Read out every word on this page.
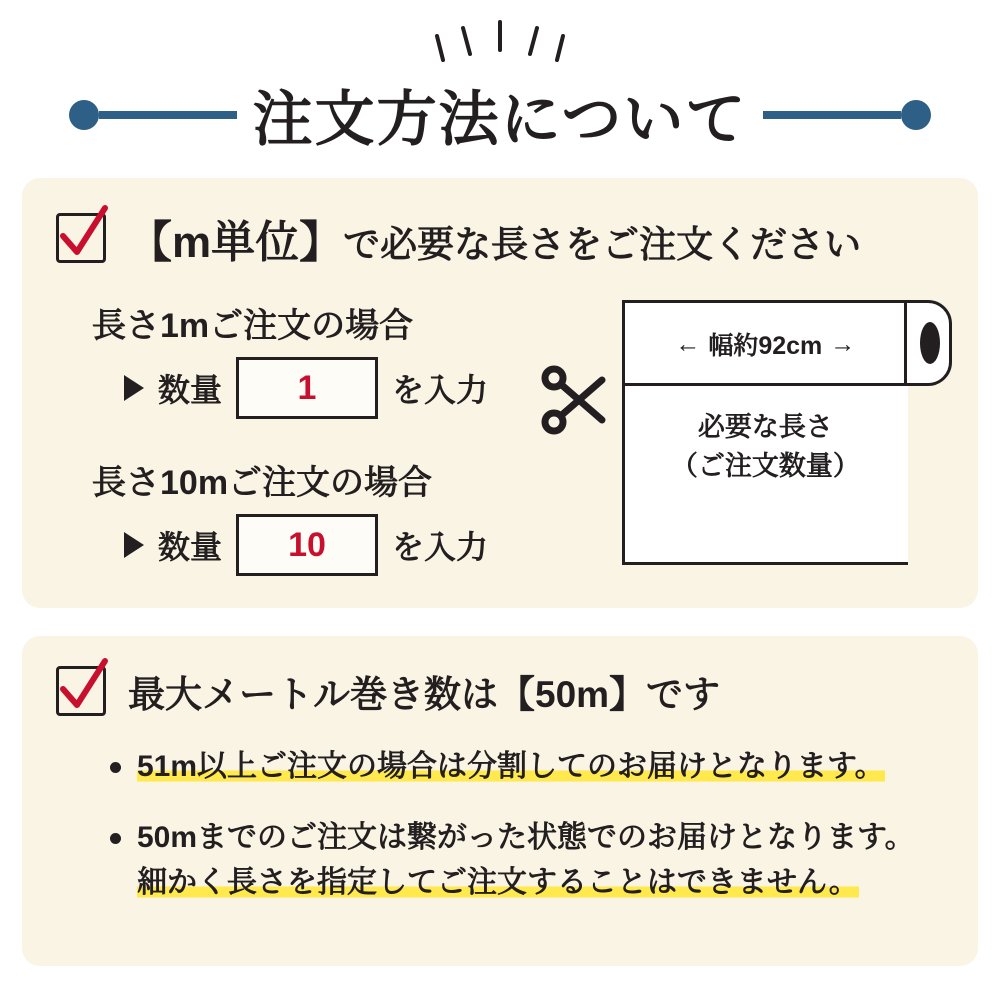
注文方法について
【m単位】で必要な長さをご注文ください
長さ1mご注文の場合
数量	1	を入力
長さ10mご注文の場合
数量	10	を入力
← 幅約92cm →
必要な長さ
（ご注文数量）
最大メートル巻き数は【50m】です
51m以上ご注文の場合は分割してのお届けとなります。
50mまでのご注文は繋がった状態でのお届けとなります。
細かく長さを指定してご注文することはできません。
